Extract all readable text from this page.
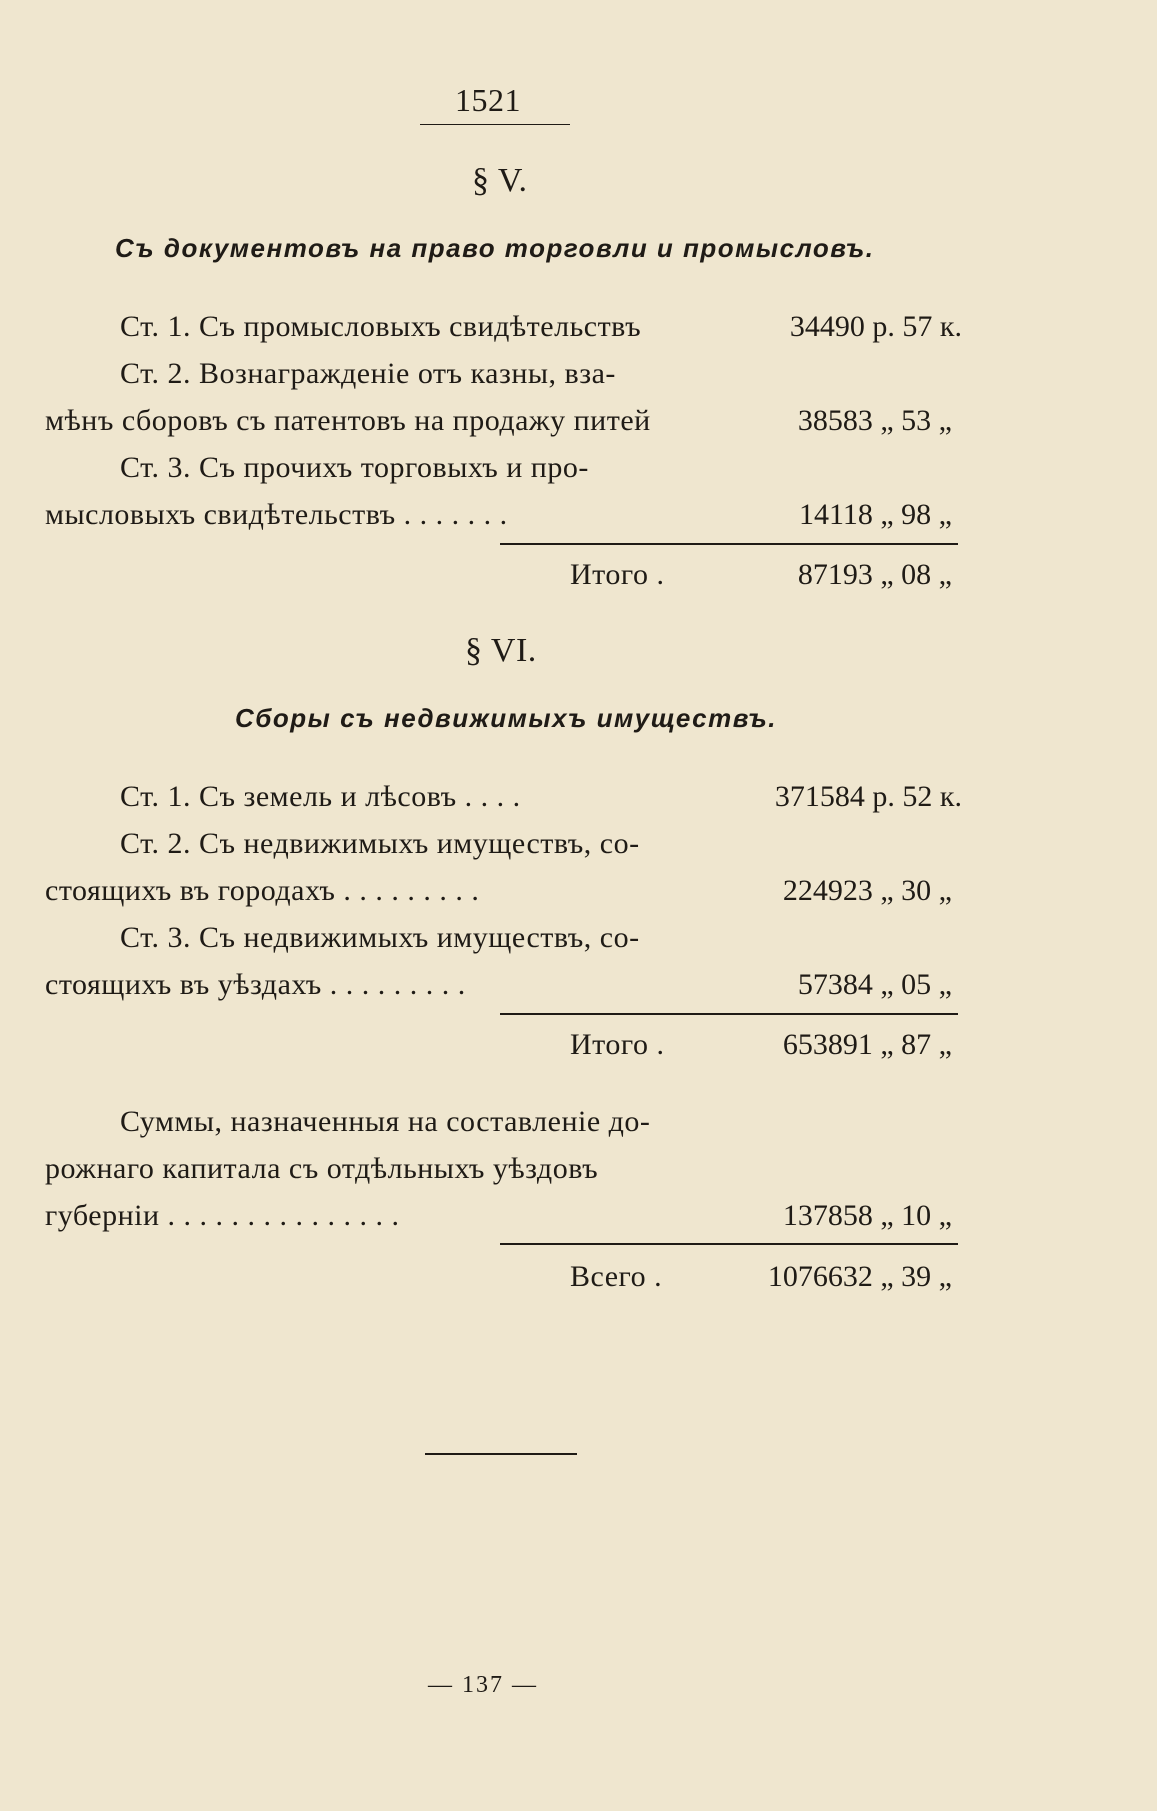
1521
§ V.
Съ документовъ на право торговли и промысловъ.
Ст. 1. Съ промысловыхъ свидѣтельствъ	34490 р. 57 к.
Ст. 2. Вознагражденіе отъ казны, вза-
мѣнъ сборовъ съ патентовъ на продажу питей	38583 „ 53 „
Ст. 3. Съ прочихъ торговыхъ и про-
мысловыхъ свидѣтельствъ . . . . . . .	14118 „ 98 „
Итого .	87193 „ 08 „
§ VI.
Сборы съ недвижимыхъ имуществъ.
Ст. 1. Съ земель и лѣсовъ . . . .	371584 р. 52 к.
Ст. 2. Съ недвижимыхъ имуществъ, со-
стоящихъ въ городахъ . . . . . . . . .	224923 „ 30 „
Ст. 3. Съ недвижимыхъ имуществъ, со-
стоящихъ въ уѣздахъ . . . . . . . . .	57384 „ 05 „
Итого .	653891 „ 87 „
Суммы, назначенныя на составленіе до-
рожнаго капитала съ отдѣльныхъ уѣздовъ
губерніи . . . . . . . . . . . . . . .	137858 „ 10 „
Всего .	1076632 „ 39 „
— 137 —
